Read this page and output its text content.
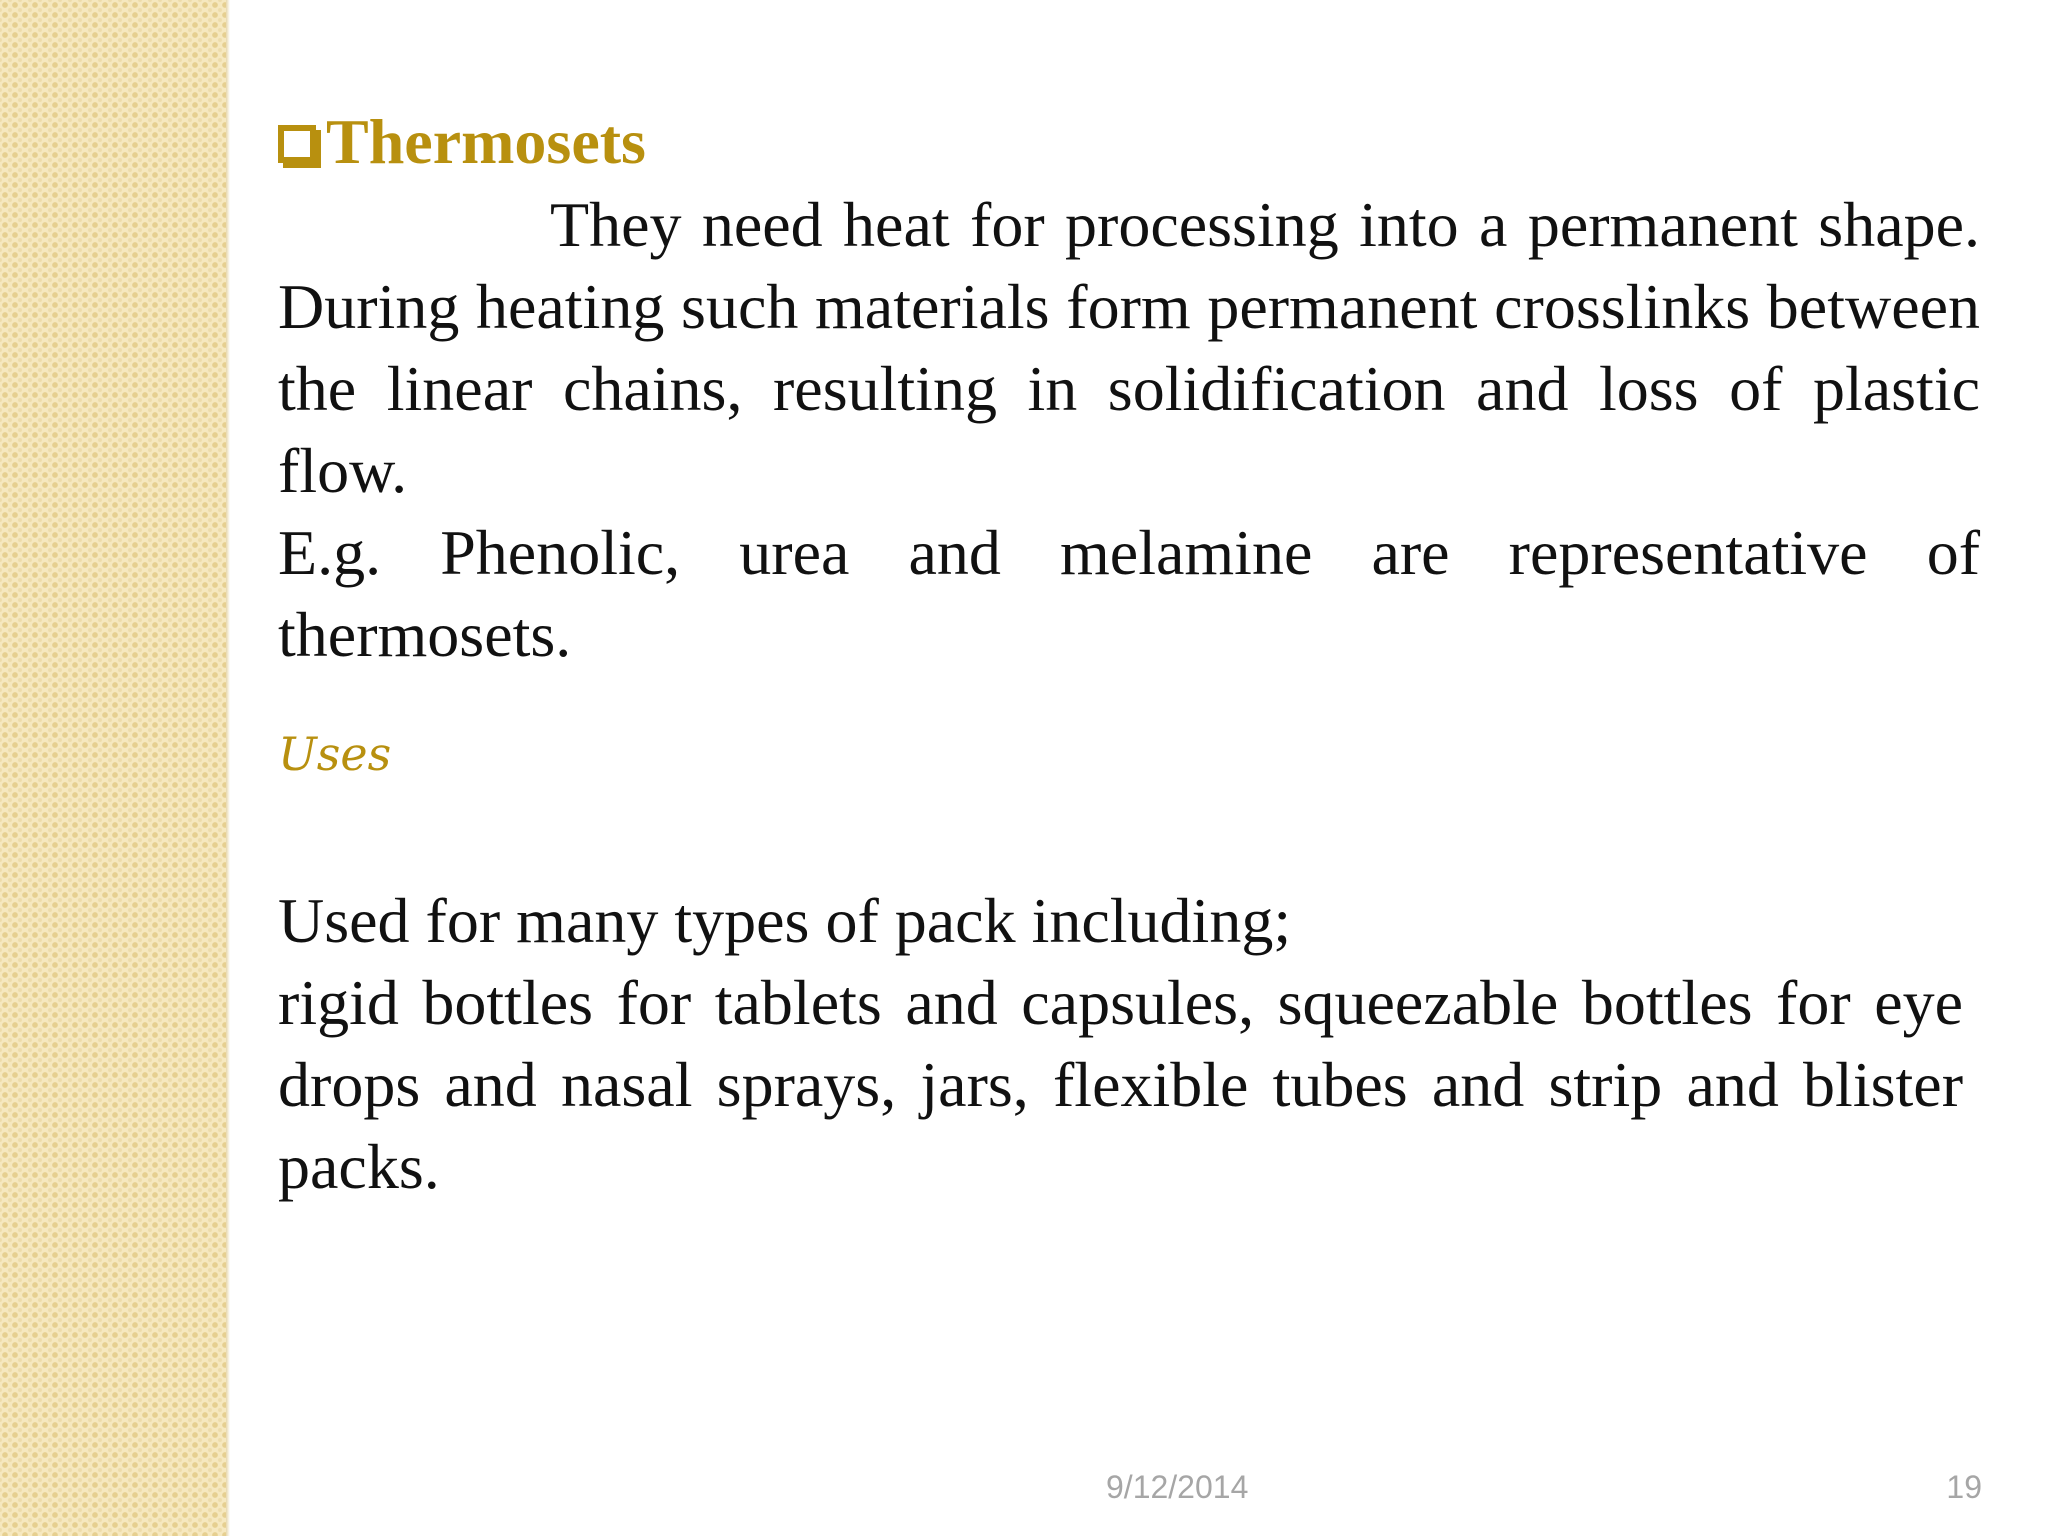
Thermosets

They need heat for processing into a permanent shape. During heating such materials form permanent crosslinks between the linear chains, resulting in solidification and loss of plastic flow.

E.g. Phenolic, urea and melamine are representative of thermosets.

Uses

Used for many types of pack including;

rigid bottles for tablets and capsules, squeezable bottles for eye drops and nasal sprays, jars, flexible tubes and strip and blister packs.

9/12/2014	19
